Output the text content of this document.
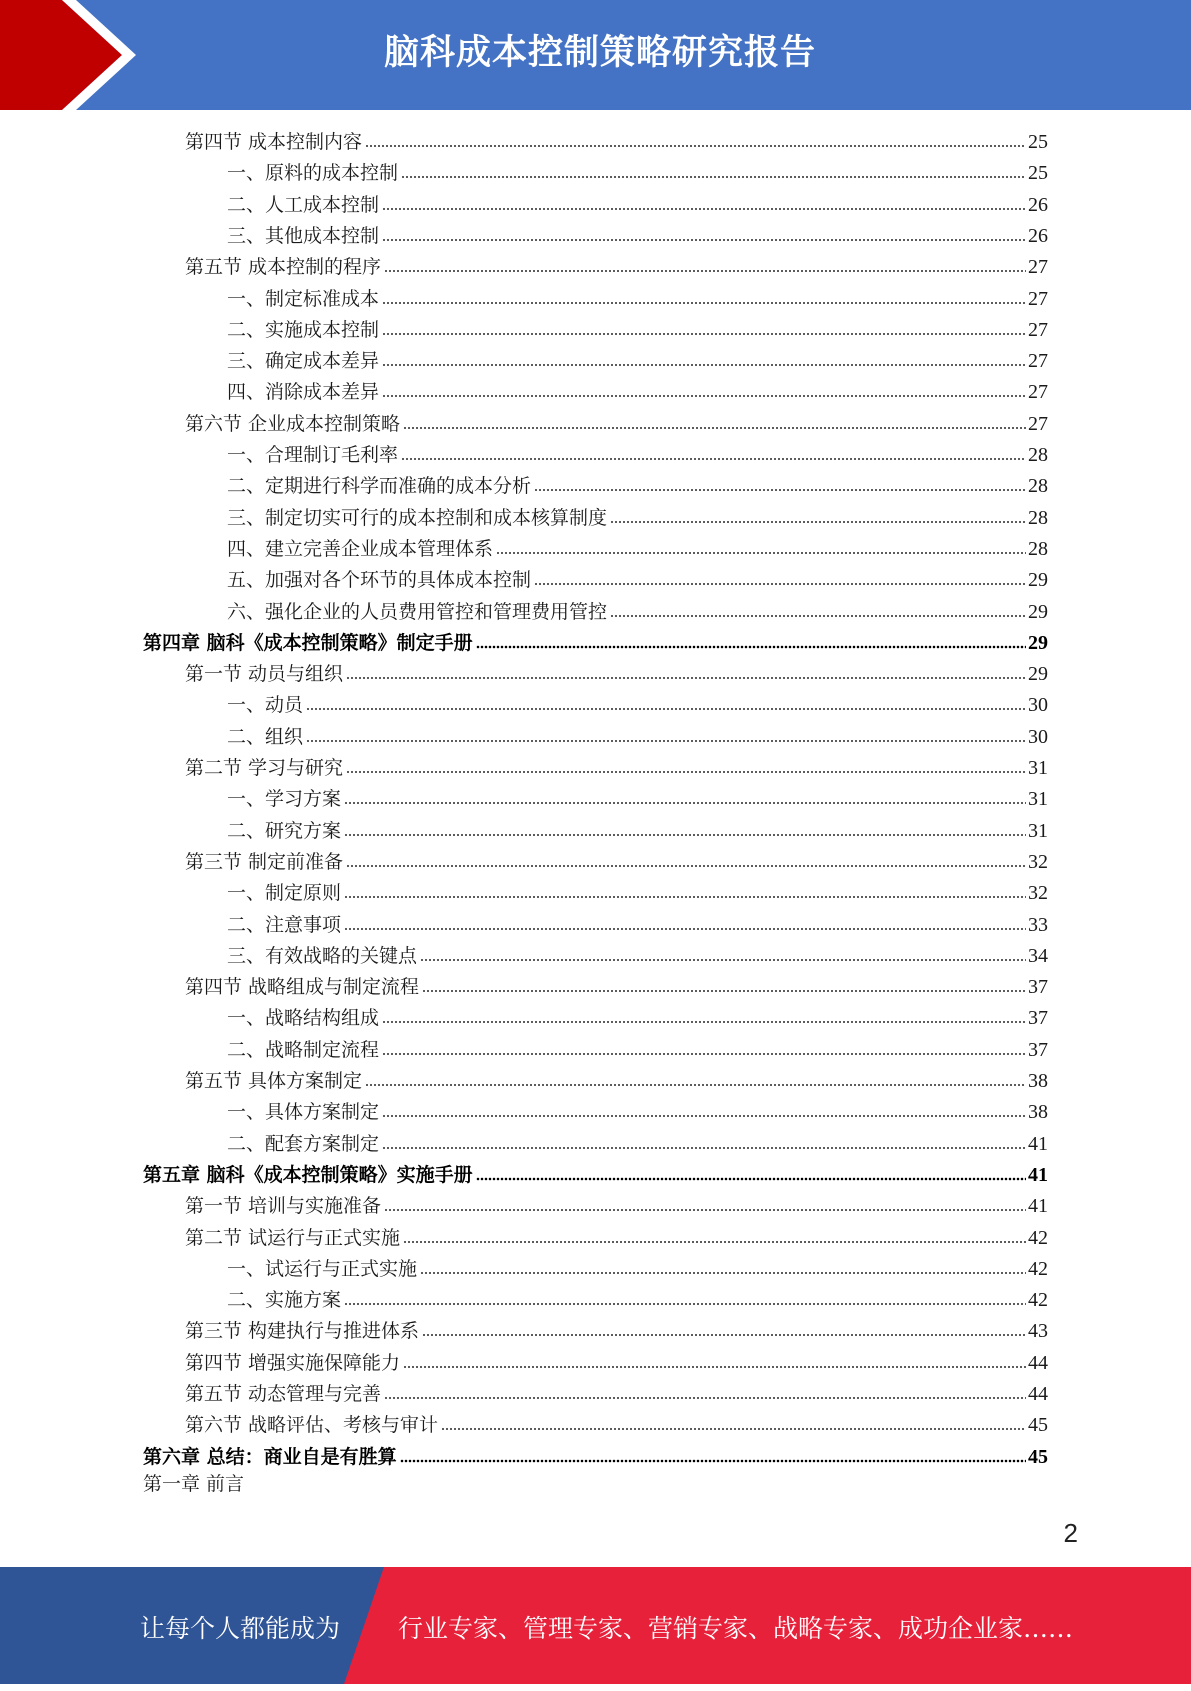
脑科成本控制策略研究报告
第四节 成本控制内容	25
一、原料的成本控制	25
二、人工成本控制	26
三、其他成本控制	26
第五节 成本控制的程序	27
一、制定标准成本	27
二、实施成本控制	27
三、确定成本差异	27
四、消除成本差异	27
第六节 企业成本控制策略	27
一、合理制订毛利率	28
二、定期进行科学而准确的成本分析	28
三、制定切实可行的成本控制和成本核算制度	28
四、建立完善企业成本管理体系	28
五、加强对各个环节的具体成本控制	29
六、强化企业的人员费用管控和管理费用管控	29
第四章 脑科《成本控制策略》制定手册	29
第一节 动员与组织	29
一、动员	30
二、组织	30
第二节 学习与研究	31
一、学习方案	31
二、研究方案	31
第三节 制定前准备	32
一、制定原则	32
二、注意事项	33
三、有效战略的关键点	34
第四节 战略组成与制定流程	37
一、战略结构组成	37
二、战略制定流程	37
第五节 具体方案制定	38
一、具体方案制定	38
二、配套方案制定	41
第五章 脑科《成本控制策略》实施手册	41
第一节 培训与实施准备	41
第二节 试运行与正式实施	42
一、试运行与正式实施	42
二、实施方案	42
第三节 构建执行与推进体系	43
第四节 增强实施保障能力	44
第五节 动态管理与完善	44
第六节 战略评估、考核与审计	45
第六章 总结：商业自是有胜算	45
第一章 前言
2
让每个人都能成为 行业专家、管理专家、营销专家、战略专家、成功企业家……
